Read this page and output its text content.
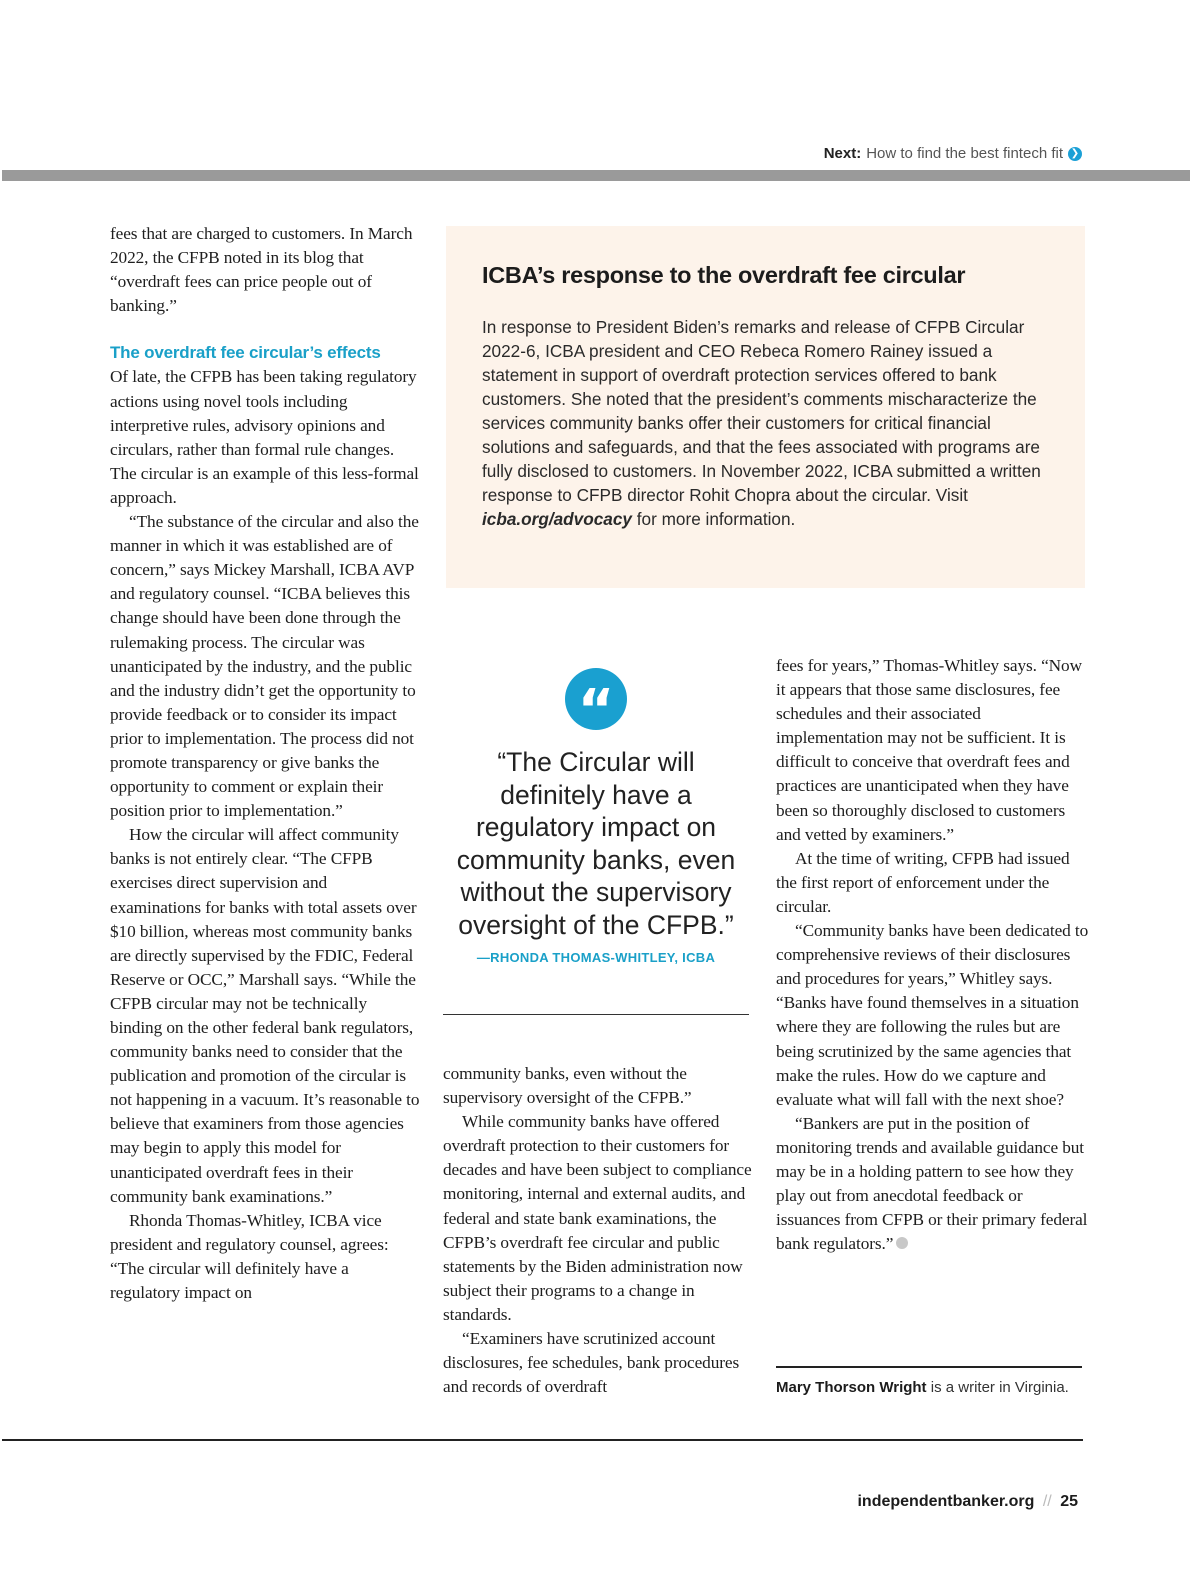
Next: How to find the best fintech fit ❯

fees that are charged to customers. In March 2022, the CFPB noted in its blog that “overdraft fees can price people out of banking.”

The overdraft fee circular’s effects

Of late, the CFPB has been taking regulatory actions using novel tools including interpretive rules, advisory opinions and circulars, rather than formal rule changes. The circular is an example of this less-formal approach.

“The substance of the circular and also the manner in which it was established are of concern,” says Mickey Marshall, ICBA AVP and regulatory counsel. “ICBA believes this change should have been done through the rulemaking process. The circular was unanticipated by the industry, and the public and the industry didn’t get the opportunity to provide feedback or to consider its impact prior to implementation. The process did not promote transparency or give banks the opportunity to comment or explain their position prior to implementation.”

How the circular will affect community banks is not entirely clear. “The CFPB exercises direct supervision and examinations for banks with total assets over $10 billion, whereas most community banks are directly supervised by the FDIC, Federal Reserve or OCC,” Marshall says. “While the CFPB circular may not be technically binding on the other federal bank regulators, community banks need to consider that the publication and promotion of the circular is not happening in a vacuum. It’s reasonable to believe that examiners from those agencies may begin to apply this model for unanticipated overdraft fees in their community bank examinations.”

Rhonda Thomas-Whitley, ICBA vice president and regulatory counsel, agrees: “The circular will definitely have a regulatory impact on

ICBA’s response to the overdraft fee circular

In response to President Biden’s remarks and release of CFPB Circular 2022-6, ICBA president and CEO Rebeca Romero Rainey issued a statement in support of overdraft protection services offered to bank customers. She noted that the president’s comments mischaracterize the services community banks offer their customers for critical financial solutions and safeguards, and that the fees associated with programs are fully disclosed to customers. In November 2022, ICBA submitted a written response to CFPB director Rohit Chopra about the circular. Visit icba.org/advocacy for more information.

“
“The Circular will definitely have a regulatory impact on community banks, even without the supervisory oversight of the CFPB.”
—RHONDA THOMAS-WHITLEY, ICBA

community banks, even without the supervisory oversight of the CFPB.”

While community banks have offered overdraft protection to their customers for decades and have been subject to compliance monitoring, internal and external audits, and federal and state bank examinations, the CFPB’s overdraft fee circular and public statements by the Biden administration now subject their programs to a change in standards.

“Examiners have scrutinized account disclosures, fee schedules, bank procedures and records of overdraft

fees for years,” Thomas-Whitley says. “Now it appears that those same disclosures, fee schedules and their associated implementation may not be sufficient. It is difficult to conceive that overdraft fees and practices are unanticipated when they have been so thoroughly disclosed to customers and vetted by examiners.”

At the time of writing, CFPB had issued the first report of enforcement under the circular.

“Community banks have been dedicated to comprehensive reviews of their disclosures and procedures for years,” Whitley says. “Banks have found themselves in a situation where they are following the rules but are being scrutinized by the same agencies that make the rules. How do we capture and evaluate what will fall with the next shoe?

“Bankers are put in the position of monitoring trends and available guidance but may be in a holding pattern to see how they play out from anecdotal feedback or issuances from CFPB or their primary federal bank regulators.”

Mary Thorson Wright is a writer in Virginia.
independentbanker.org // 25
